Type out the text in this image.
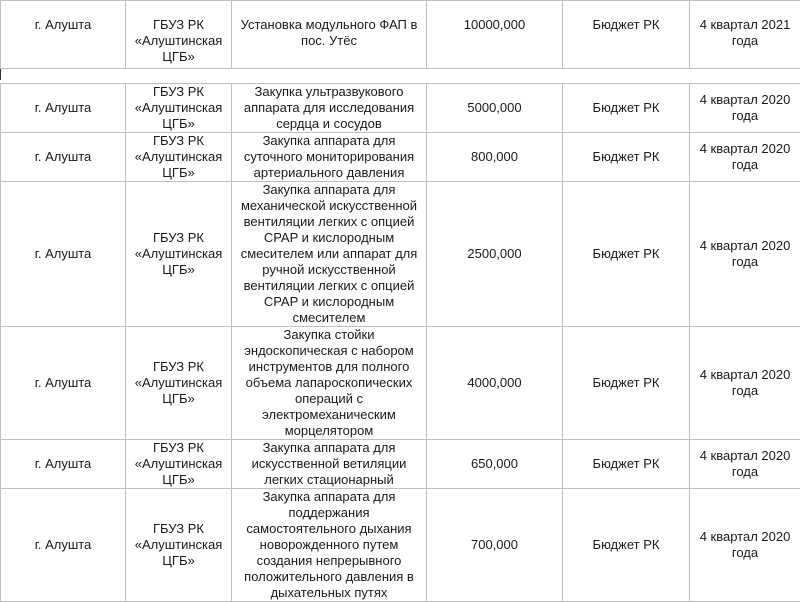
г. Алушта	ГБУЗ РК «Алуштинская ЦГБ»	Установка модульного ФАП в пос. Утёс	10000,000	Бюджет РК	4 квартал 2021 года
г. Алушта	ГБУЗ РК «Алуштинская ЦГБ»	Закупка ультразвукового аппарата для исследования сердца и сосудов	5000,000	Бюджет РК	4 квартал 2020 года
г. Алушта	ГБУЗ РК «Алуштинская ЦГБ»	Закупка аппарата для суточного мониторирования артериального давления	800,000	Бюджет РК	4 квартал 2020 года
г. Алушта	ГБУЗ РК «Алуштинская ЦГБ»	Закупка аппарата для механической искусственной вентиляции легких с опцией CPAP и кислородным смесителем или аппарат для ручной искусственной вентиляции легких с опцией CPAP и кислородным смесителем	2500,000	Бюджет РК	4 квартал 2020 года
г. Алушта	ГБУЗ РК «Алуштинская ЦГБ»	Закупка стойки эндоскопическая с набором инструментов для полного объема лапароскопических операций с электромеханическим морцелятором	4000,000	Бюджет РК	4 квартал 2020 года
г. Алушта	ГБУЗ РК «Алуштинская ЦГБ»	Закупка аппарата для искусственной ветиляции легких стационарный	650,000	Бюджет РК	4 квартал 2020 года
г. Алушта	ГБУЗ РК «Алуштинская ЦГБ»	Закупка аппарата для поддержания самостоятельного дыхания новорожденного путем создания непрерывного положительного давления в дыхательных путях	700,000	Бюджет РК	4 квартал 2020 года
